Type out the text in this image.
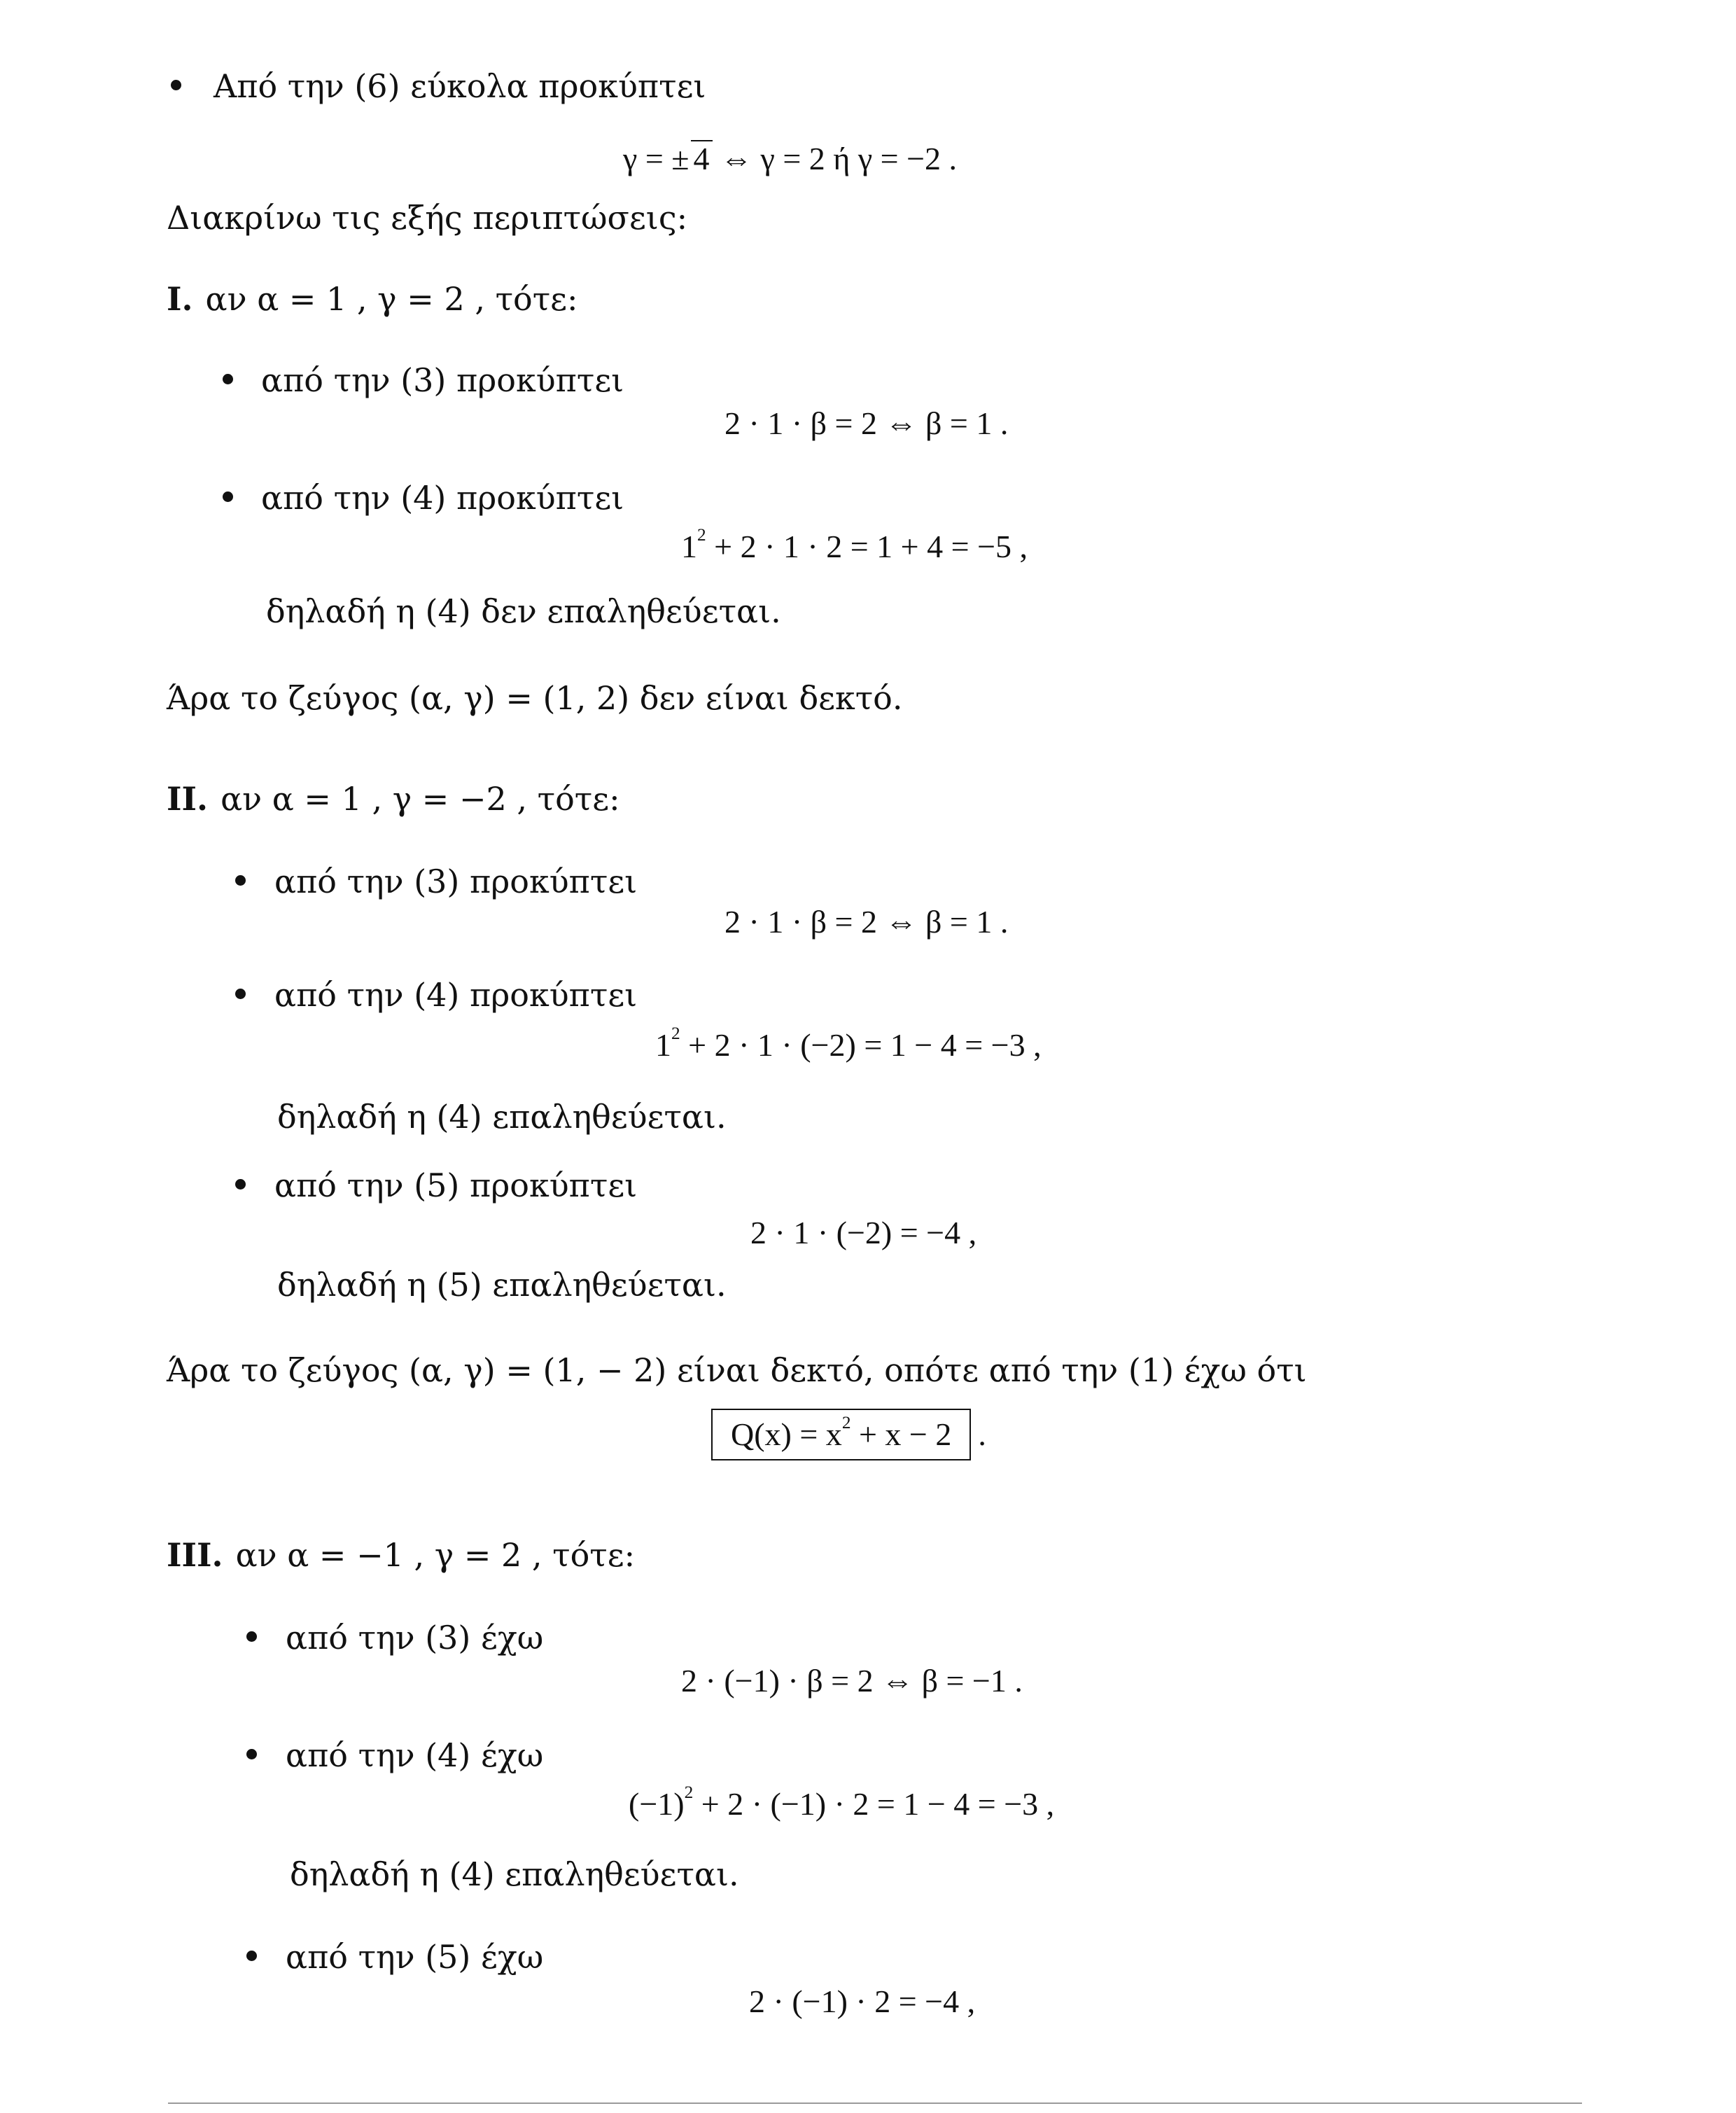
Από την (6) εύκολα προκύπτει
γ = ± 4 ⇔ γ = 2 ή γ = −2 .
Διακρίνω τις εξής περιπτώσεις:
I. αν α = 1 , γ = 2 , τότε:
από την (3) προκύπτει
2 · 1 · β = 2 ⇔ β = 1 .
από την (4) προκύπτει
$1^2 + 2 \cdot 1 \cdot 2 = 1 + 4 = -5$ ,
δηλαδή η (4) δεν επαληθεύεται.
Άρα το ζεύγος (α, γ) = (1, 2) δεν είναι δεκτό.
II. αν α = 1 , γ = −2 , τότε:
από την (3) προκύπτει
2 · 1 · β = 2 ⇔ β = 1 .
από την (4) προκύπτει
$1^2 + 2 \cdot 1 \cdot (-2) = 1 - 4 = -3$ ,
δηλαδή η (4) επαληθεύεται.
από την (5) προκύπτει
2 · 1 · (−2) = −4 ,
δηλαδή η (5) επαληθεύεται.
Άρα το ζεύγος (α, γ) = (1, − 2) είναι δεκτό, οπότε από την (1) έχω ότι
$Q(x) = x^2 + x - 2$ .
III. αν α = −1 , γ = 2 , τότε:
από την (3) έχω
2 · (−1) · β = 2 ⇔ β = −1 .
από την (4) έχω
$(-1)^2 + 2 \cdot (-1) \cdot 2 = 1 - 4 = -3$ ,
δηλαδή η (4) επαληθεύεται.
από την (5) έχω
2 · (−1) · 2 = −4 ,
